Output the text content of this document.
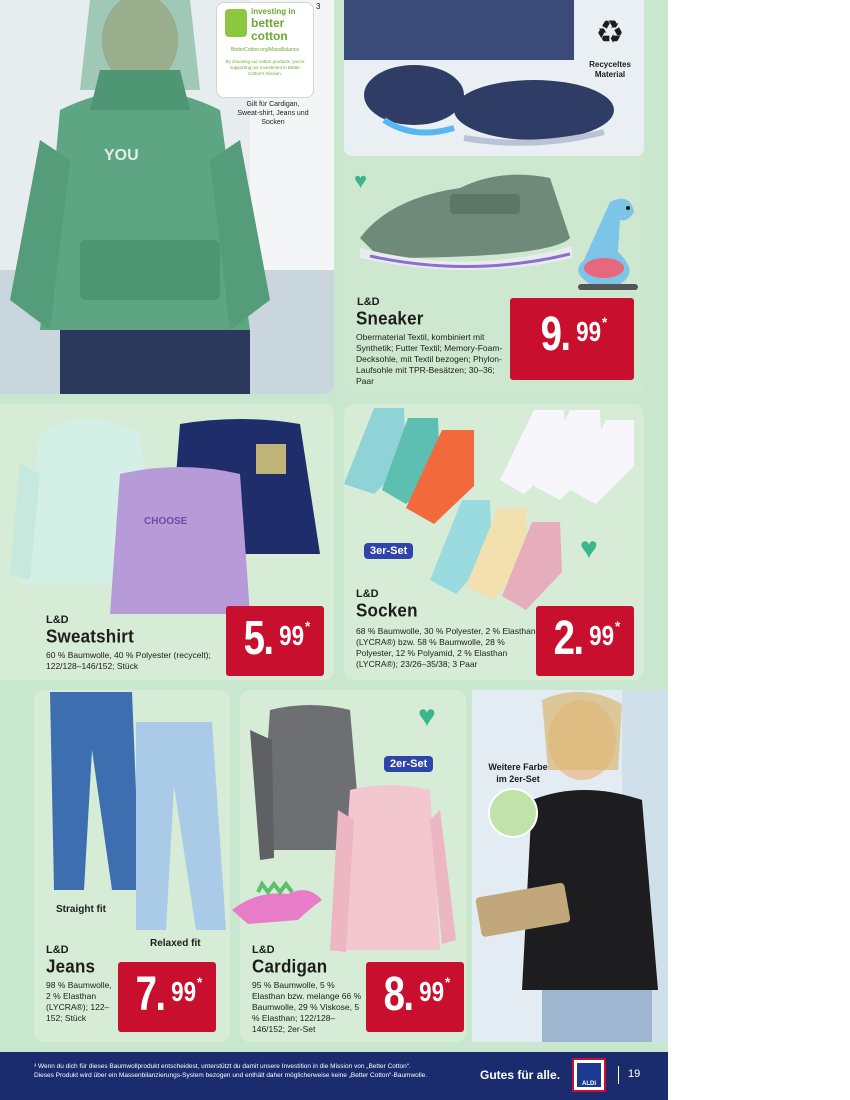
YOU
investing in
better
cotton
BetterCotton.org/MassBalance
By choosing our cotton products, you're supporting our investment in Better Cotton's mission.
3
Gilt für Cardigan, Sweat-shirt, Jeans und Socken
♻
Recyceltes
Material
♥
L&D
Sneaker
Obermaterial Textil, kombiniert mit Synthetik; Futter Textil; Memory-Foam-Decksohle, mit Textil bezogen; Phylon-Laufsohle mit TPR-Besätzen; 30–36; Paar
9. 99 *
CHOOSE
L&D
Sweatshirt
60 % Baumwolle, 40 % Polyester (recycelt); 122/128–146/152; Stück
5. 99 *
♥
3er-Set
L&D
Socken
68 % Baumwolle, 30 % Polyester, 2 % Elasthan (LYCRA®) bzw. 58 % Baumwolle, 28 % Polyester, 12 % Polyamid, 2 % Elasthan (LYCRA®); 23/26–35/38; 3 Paar	2. 99 *
Straight fit
Relaxed fit
L&D
Jeans
98 % Baumwolle, 2 % Elasthan (LYCRA®); 122–152; Stück	7. 99 *
♥
2er-Set
L&D
Cardigan
95 % Baumwolle, 5 % Elasthan bzw. melange 66 % Baumwolle, 29 % Viskose, 5 % Elasthan; 122/128–146/152; 2er-Set
8. 99 *
Weitere Farbe
im 2er-Set
³ Wenn du dich für dieses Baumwollprodukt entscheidest, unterstützt du damit unsere Investition in die Mission von „Better Cotton“.
Dieses Produkt wird über ein Massenbilanzierungs-System bezogen und enthält daher möglicherweise keine „Better Cotton“-Baumwolle.	Gutes für alle.
ALDI
19
